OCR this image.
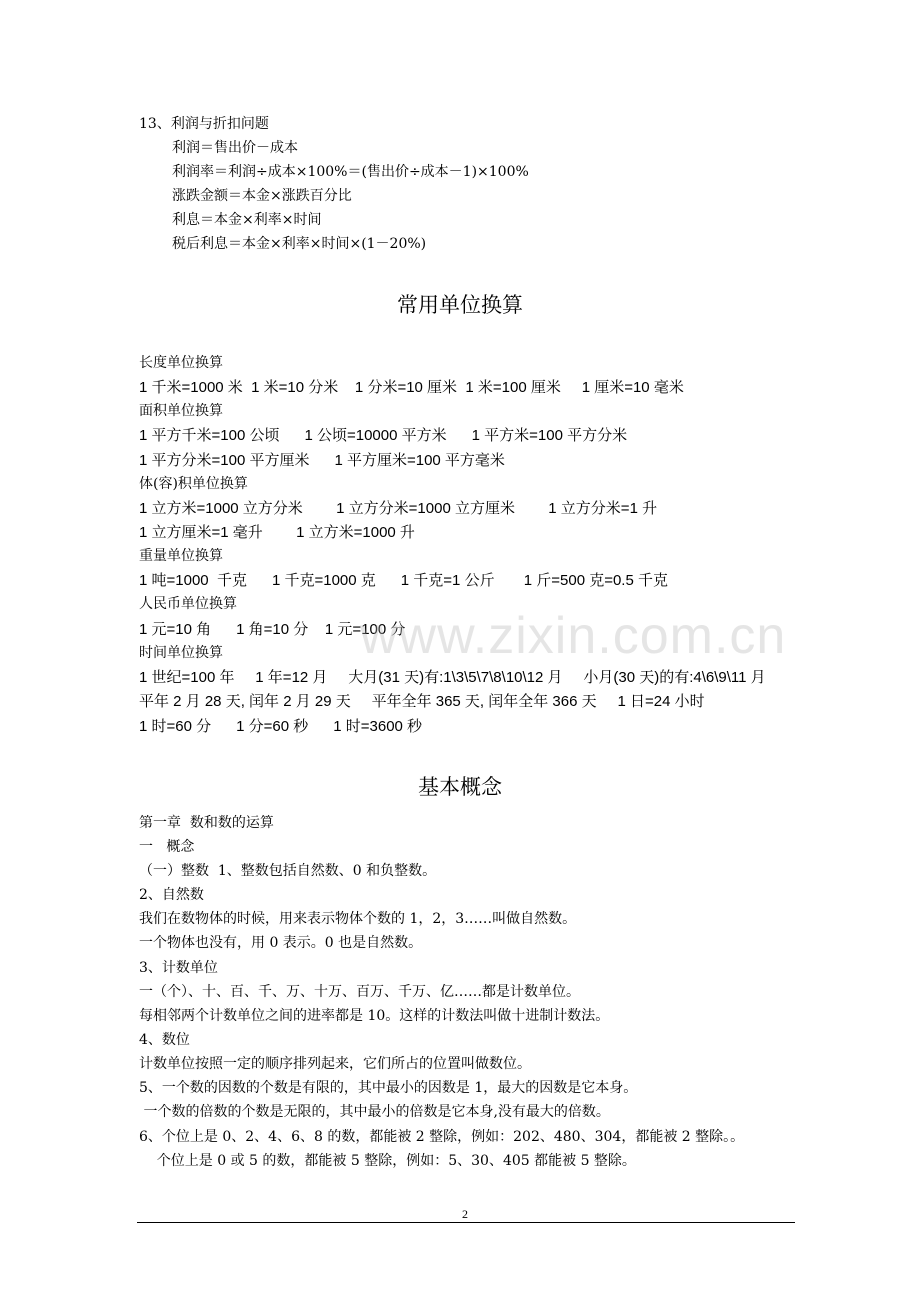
13、利润与折扣问题
利润＝售出价－成本
利润率＝利润÷成本×100%＝(售出价÷成本－1)×100%
涨跌金额＝本金×涨跌百分比
利息＝本金×利率×时间
税后利息＝本金×利率×时间×(1－20%)
常用单位换算
长度单位换算
1 千米=1000 米  1 米=10 分米    1 分米=10 厘米  1 米=100 厘米     1 厘米=10 毫米
面积单位换算
1 平方千米=100 公顷      1 公顷=10000 平方米      1 平方米=100 平方分米
1 平方分米=100 平方厘米      1 平方厘米=100 平方毫米
体(容)积单位换算
1 立方米=1000 立方分米        1 立方分米=1000 立方厘米        1 立方分米=1 升
1 立方厘米=1 毫升        1 立方米=1000 升
重量单位换算
1 吨=1000  千克      1 千克=1000 克      1 千克=1 公斤       1 斤=500 克=0.5 千克
人民币单位换算
1 元=10 角      1 角=10 分    1 元=100 分
时间单位换算
1 世纪=100 年     1 年=12 月     大月(31 天)有:1\3\5\7\8\10\12 月     小月(30 天)的有:4\6\9\11 月
平年 2 月 28 天, 闰年 2 月 29 天     平年全年 365 天, 闰年全年 366 天     1 日=24 小时
1 时=60 分      1 分=60 秒      1 时=3600 秒
基本概念
第一章  数和数的运算
一   概念
（一）整数  1、整数包括自然数、0 和负整数。
2、自然数
我们在数物体的时候，用来表示物体个数的 1，2，3……叫做自然数。
一个物体也没有，用 0 表示。0 也是自然数。
3、计数单位
一（个）、十、百、千、万、十万、百万、千万、亿……都是计数单位。
每相邻两个计数单位之间的进率都是 10。这样的计数法叫做十进制计数法。
4、数位
计数单位按照一定的顺序排列起来，它们所占的位置叫做数位。
5、一个数的因数的个数是有限的，其中最小的因数是 1，最大的因数是它本身。
一个数的倍数的个数是无限的，其中最小的倍数是它本身,没有最大的倍数。
6、个位上是 0、2、4、6、8 的数，都能被 2 整除，例如：202、480、304，都能被 2 整除。。
个位上是 0 或 5 的数，都能被 5 整除，例如：5、30、405 都能被 5 整除。
www.zixin.com.cn
2
